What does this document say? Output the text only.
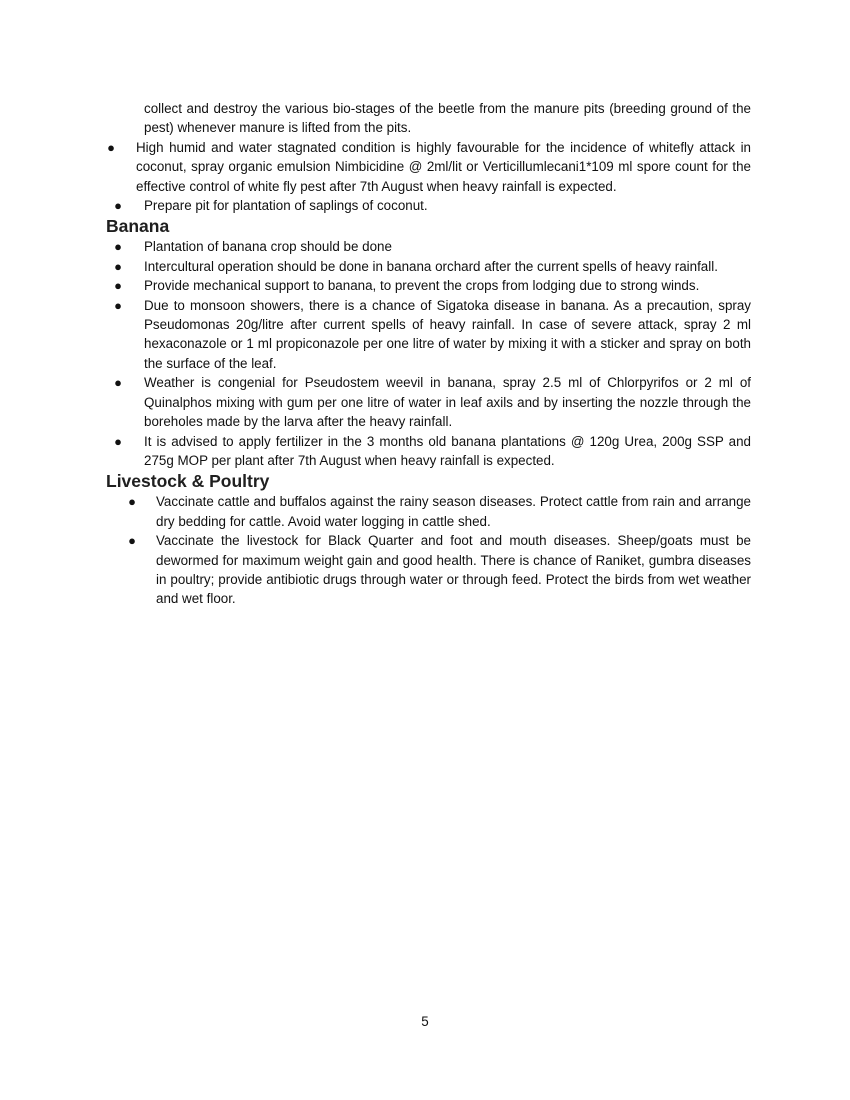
collect and destroy the various bio-stages of the beetle from the manure pits (breeding ground of the pest) whenever manure is lifted from the pits.

● High humid and water stagnated condition is highly favourable for the incidence of whitefly attack in coconut, spray organic emulsion Nimbicidine @ 2ml/lit or Verticillumlecani1*109 ml spore count for the effective control of white fly pest after 7th August when heavy rainfall is expected.
● Prepare pit for plantation of saplings of coconut.
Banana
● Plantation of banana crop should be done
● Intercultural operation should be done in banana orchard after the current spells of heavy rainfall.
● Provide mechanical support to banana, to prevent the crops from lodging due to strong winds.
● Due to monsoon showers, there is a chance of Sigatoka disease in banana. As a precaution, spray Pseudomonas 20g/litre after current spells of heavy rainfall. In case of severe attack, spray 2 ml hexaconazole or 1 ml propiconazole per one litre of water by mixing it with a sticker and spray on both the surface of the leaf.
● Weather is congenial for Pseudostem weevil in banana, spray 2.5 ml of Chlorpyrifos or 2 ml of Quinalphos mixing with gum per one litre of water in leaf axils and by inserting the nozzle through the boreholes made by the larva after the heavy rainfall.
● It is advised to apply fertilizer in the 3 months old banana plantations @ 120g Urea, 200g SSP and 275g MOP per plant after 7th August when heavy rainfall is expected.
Livestock & Poultry
● Vaccinate cattle and buffalos against the rainy season diseases. Protect cattle from rain and arrange dry bedding for cattle. Avoid water logging in cattle shed.
● Vaccinate the livestock for Black Quarter and foot and mouth diseases. Sheep/goats must be dewormed for maximum weight gain and good health. There is chance of Raniket, gumbra diseases in poultry; provide antibiotic drugs through water or through feed. Protect the birds from wet weather and wet floor.
5
